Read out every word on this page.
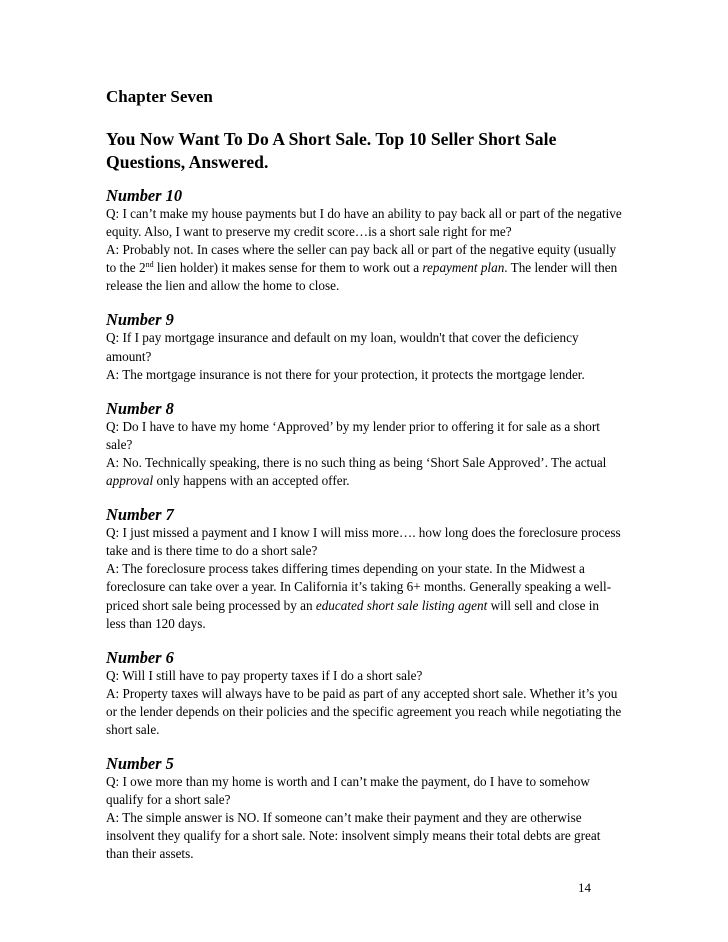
Chapter Seven

You Now Want To Do A Short Sale. Top 10 Seller Short Sale Questions, Answered.

Number 10

Q: I can’t make my house payments but I do have an ability to pay back all or part of the negative equity. Also, I want to preserve my credit score…is a short sale right for me?

A: Probably not. In cases where the seller can pay back all or part of the negative equity (usually to the 2nd lien holder) it makes sense for them to work out a repayment plan. The lender will then release the lien and allow the home to close.

Number 9

Q: If I pay mortgage insurance and default on my loan, wouldn't that cover the deficiency amount?

A: The mortgage insurance is not there for your protection, it protects the mortgage lender.

Number 8

Q: Do I have to have my home ‘Approved’ by my lender prior to offering it for sale as a short sale?

A: No. Technically speaking, there is no such thing as being ‘Short Sale Approved’. The actual approval only happens with an accepted offer.

Number 7

Q: I just missed a payment and I know I will miss more…. how long does the foreclosure process take and is there time to do a short sale?

A: The foreclosure process takes differing times depending on your state. In the Midwest a foreclosure can take over a year. In California it’s taking 6+ months. Generally speaking a well-priced short sale being processed by an educated short sale listing agent will sell and close in less than 120 days.

Number 6

Q: Will I still have to pay property taxes if I do a short sale?

A: Property taxes will always have to be paid as part of any accepted short sale. Whether it’s you or the lender depends on their policies and the specific agreement you reach while negotiating the short sale.

Number 5

Q: I owe more than my home is worth and I can’t make the payment, do I have to somehow qualify for a short sale?

A: The simple answer is NO. If someone can’t make their payment and they are otherwise insolvent they qualify for a short sale. Note: insolvent simply means their total debts are great than their assets.

14
